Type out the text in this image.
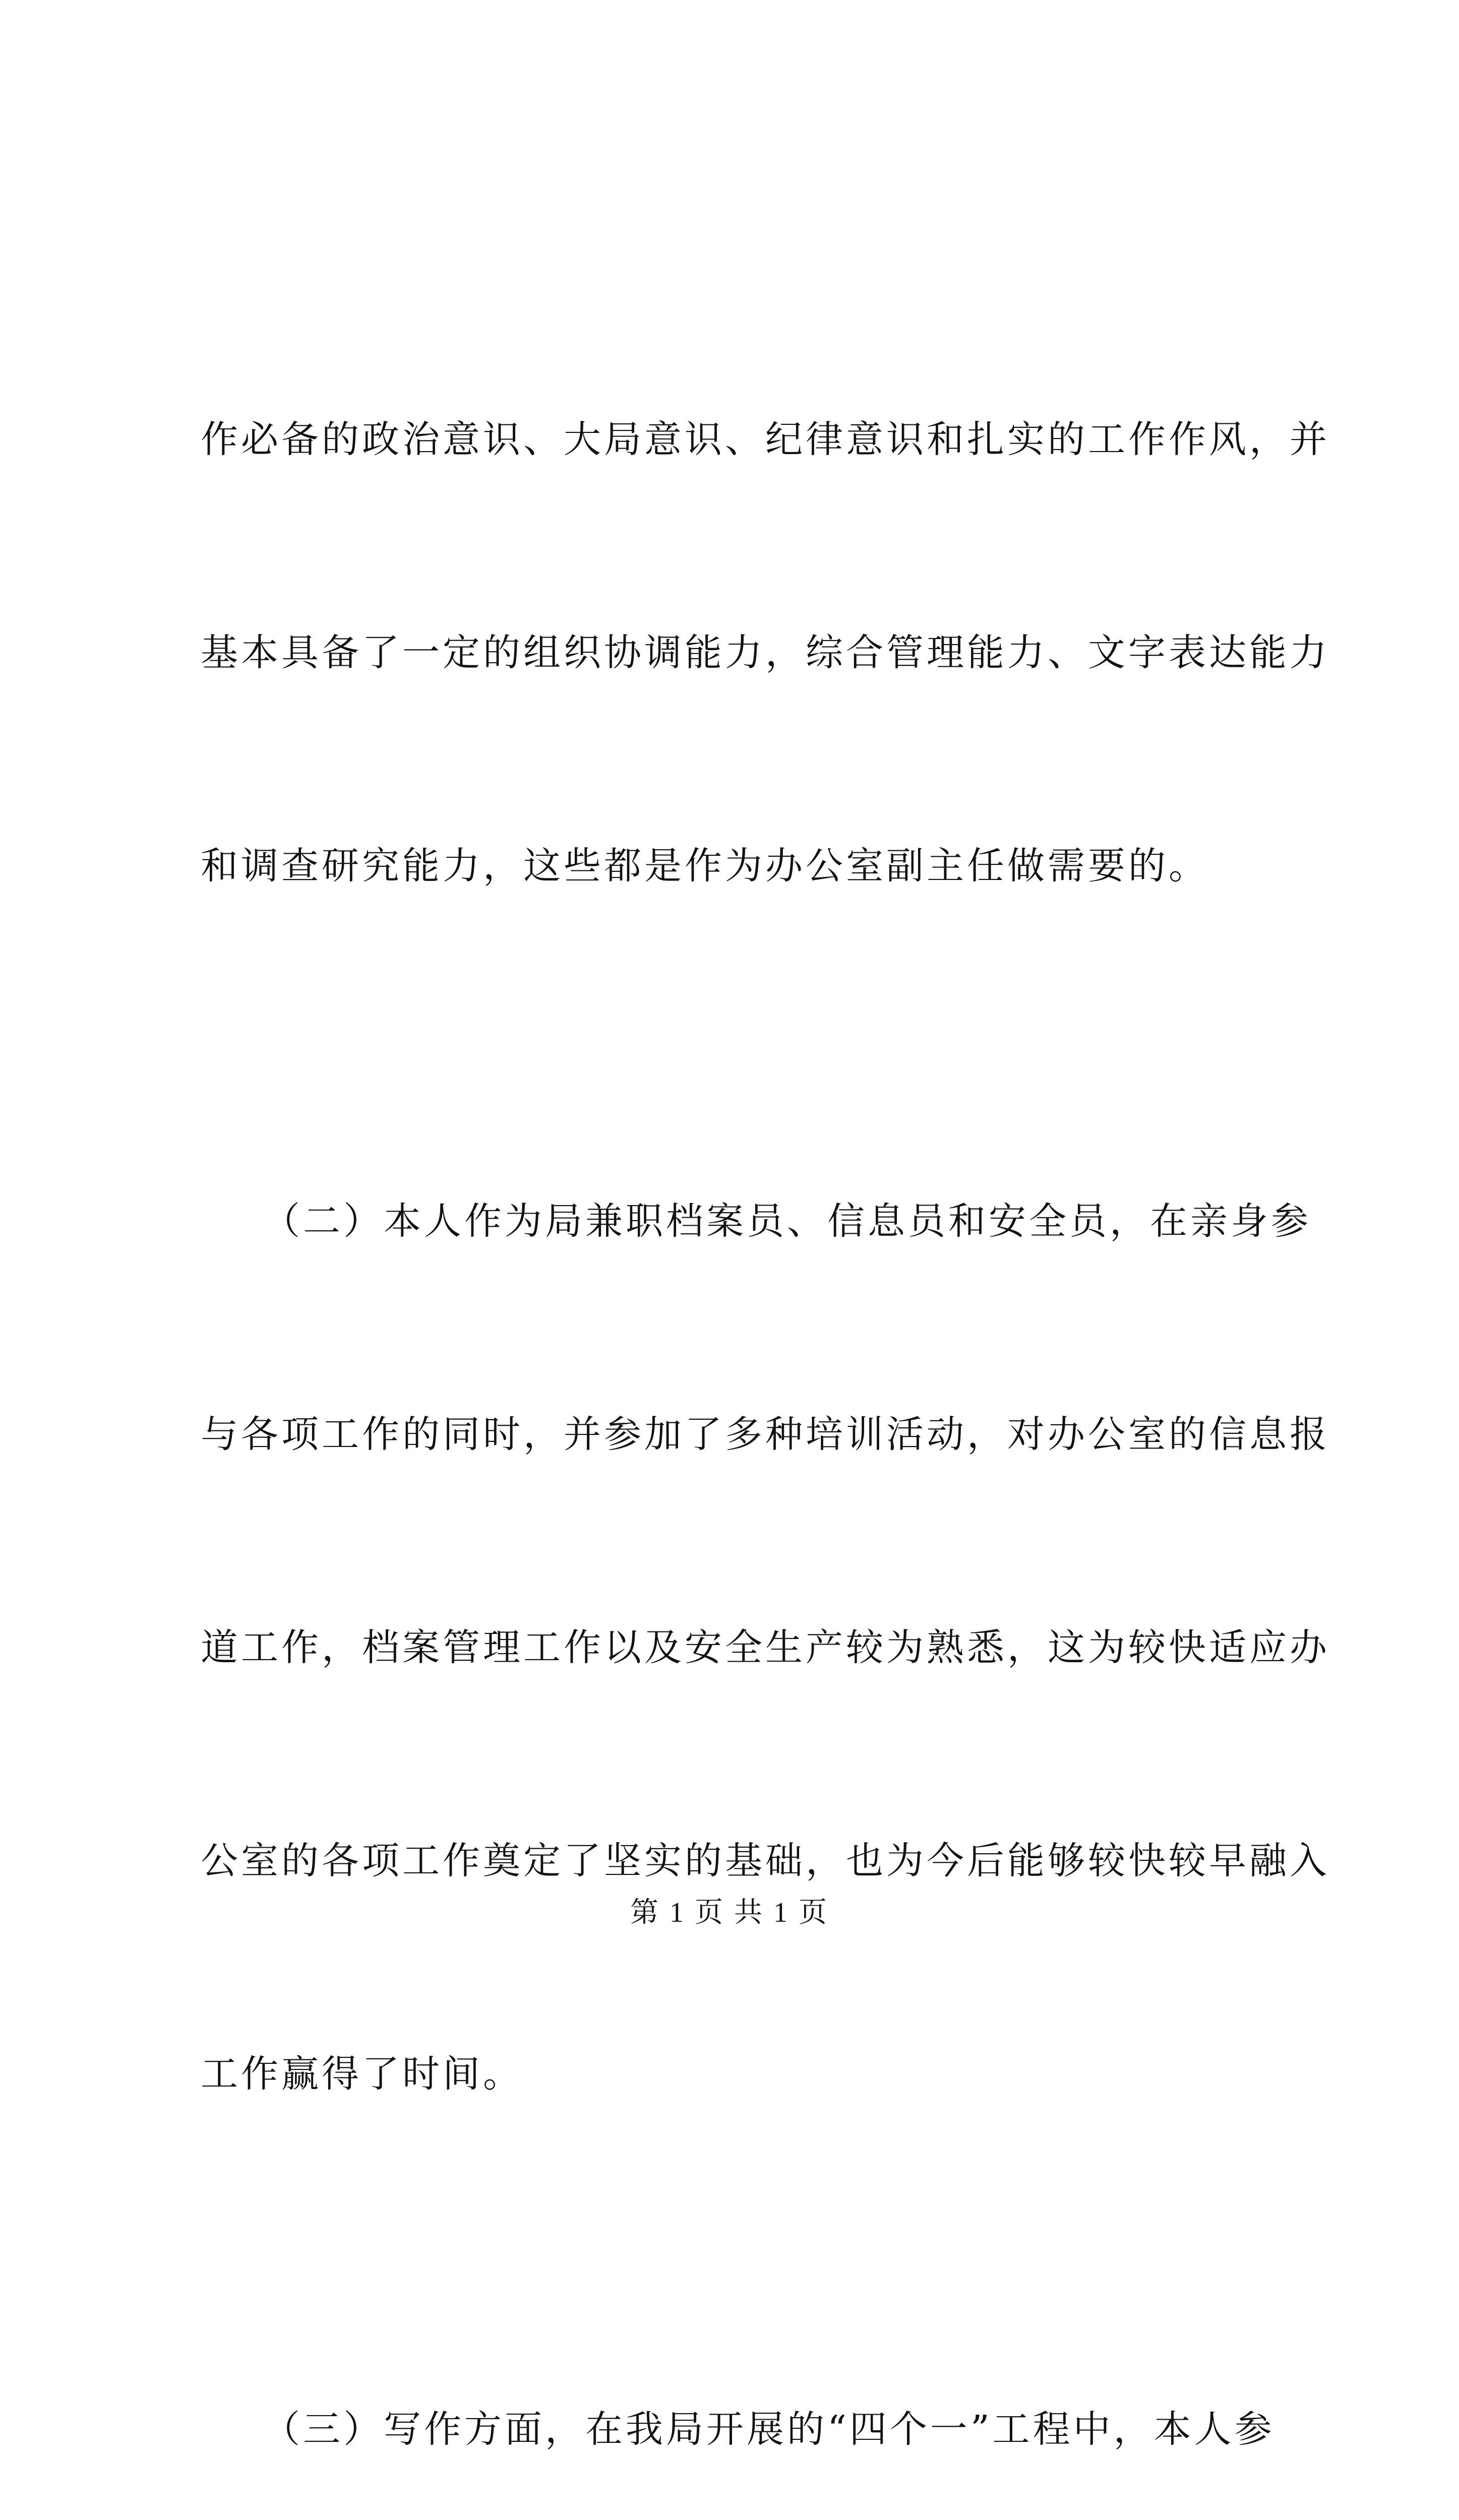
作必备的政治意识、大局意识、纪律意识和扎实的工作作风，并

基本具备了一定的组织协调能力，综合管理能力、文字表达能力

和调查研究能力，这些都是作为办公室副主任做需要的。

　　（二）本人作为局兼职档案员、信息员和安全员，在亲身参

与各项工作的同时，并参加了多种培训活动，对办公室的信息报

道工作，档案管理工作以及安全生产较为熟悉，这为较快适应办

公室的各项工作奠定了坚实的基础，也为今后能够较快较早融入

工作赢得了时间。

　　（三）写作方面，在我局开展的“四个一”工程中，本人参

第 1 页 共 1 页
